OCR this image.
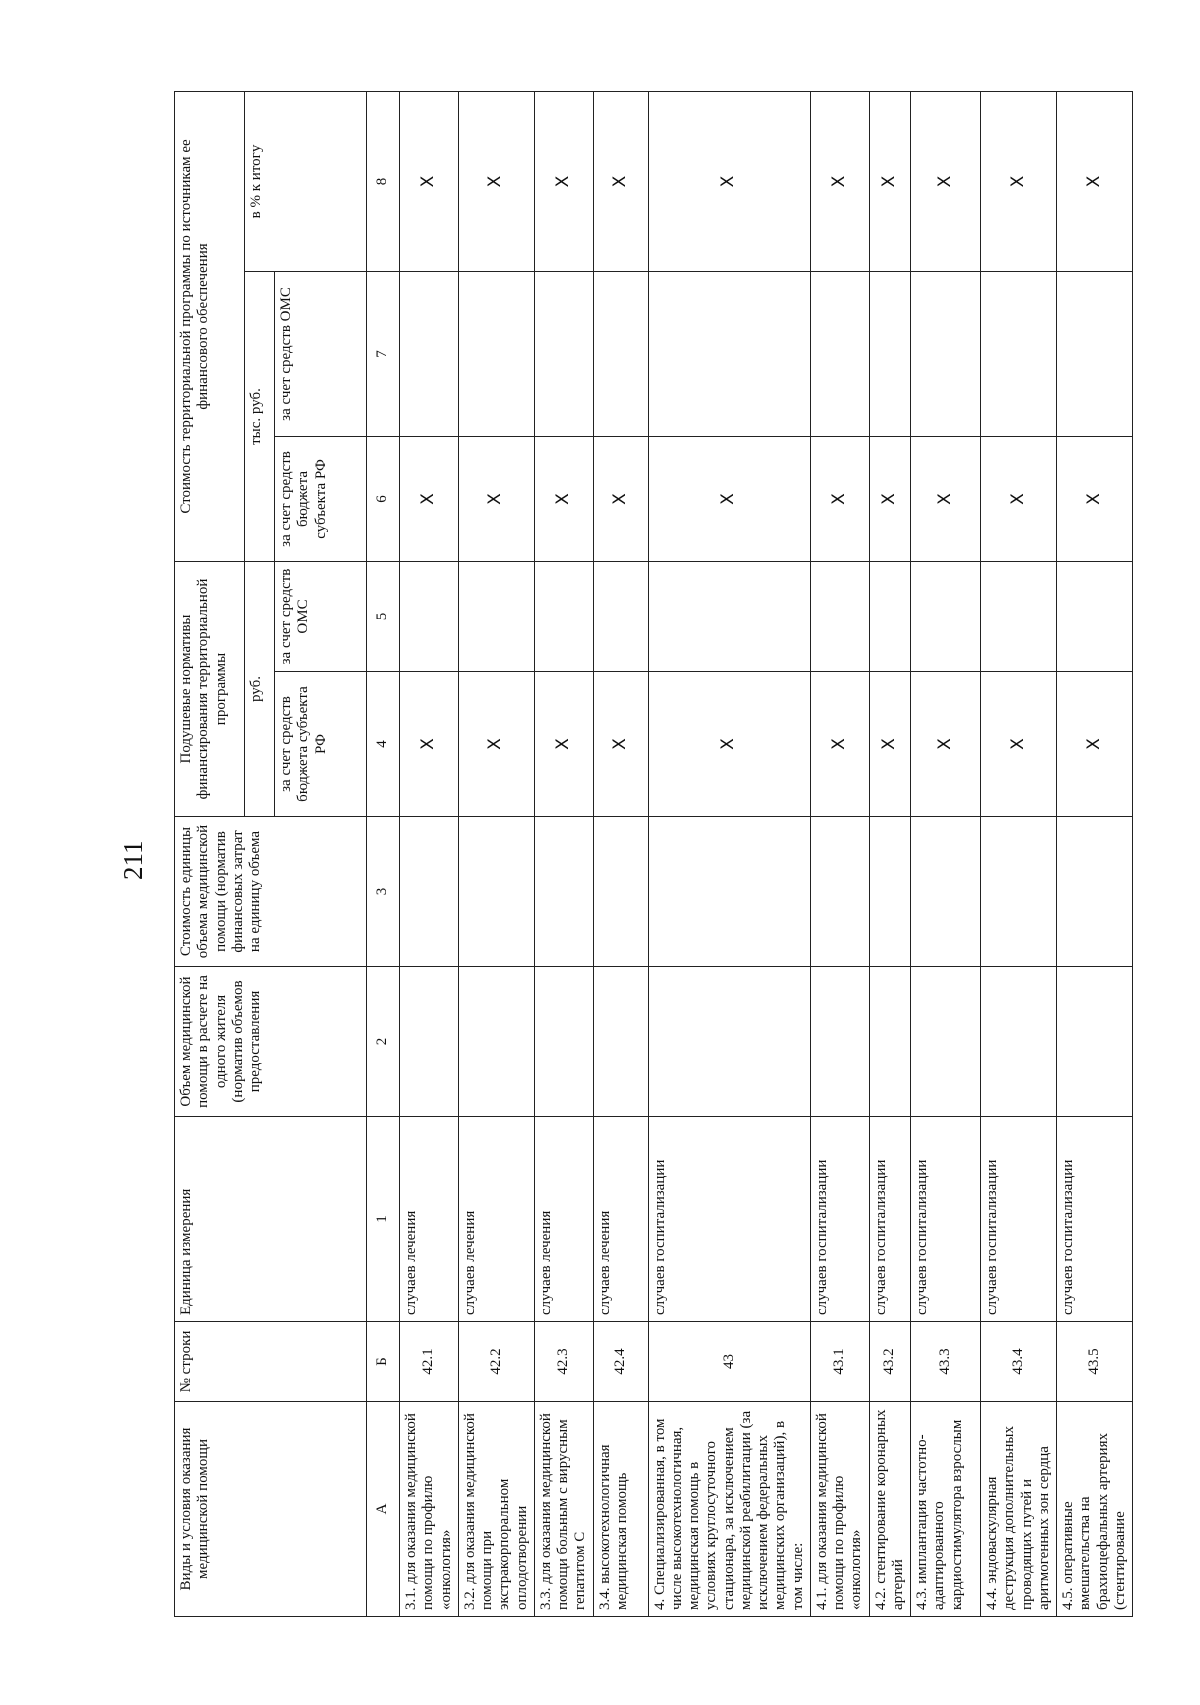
211
Виды и условия оказания медицинской помощи	№ строки	Единица измерения	Объем медицинской помощи в расчете на одного жителя (норматив объемов предоставления	Стоимость единицы объема медицинской помощи (норматив финансовых затрат на единицу объема	Подушевые нормативы финансирования территориальной программы		Стоимость территориальной программы по источникам ее финансового обеспечения		
					руб.		тыс. руб.		в % к итогу
					за счет средств бюджета субъекта РФ	за счет средств ОМС	за счет средств бюджета субъекта РФ	за счет средств ОМС	
А	Б	1	2	3	4	5	6	7	8
3.1. для оказания медицинской помощи по профилю «онкология»	42.1	случаев лечения			X		X		X
3.2. для оказания медицинской помощи при экстракорпоральном оплодотворении	42.2	случаев лечения			X		X		X
3.3. для оказания медицинской помощи больным с вирусным гепатитом С	42.3	случаев лечения			X		X		X
3.4. высокотехнологичная медицинская помощь	42.4	случаев лечения			X		X		X
4. Специализированная, в том числе высокотехнологичная, медицинская помощь в условиях круглосуточного стационара, за исключением медицинской реабилитации (за исключением федеральных медицинских организаций), в том числе:	43	случаев госпитализации			X		X		X
4.1. для оказания медицинской помощи по профилю «онкология»	43.1	случаев госпитализации			X		X		X
4.2. стентирование коронарных артерий	43.2	случаев госпитализации			X		X		X
4.3. имплантация частотно-адаптированного кардиостимулятора взрослым	43.3	случаев госпитализации			X		X		X
4.4. эндоваскулярная деструкция дополнительных проводящих путей и аритмогенных зон сердца	43.4	случаев госпитализации			X		X		X
4.5. оперативные вмешательства на брахиоцефальных артериях (стентирование	43.5	случаев госпитализации			X		X		X
